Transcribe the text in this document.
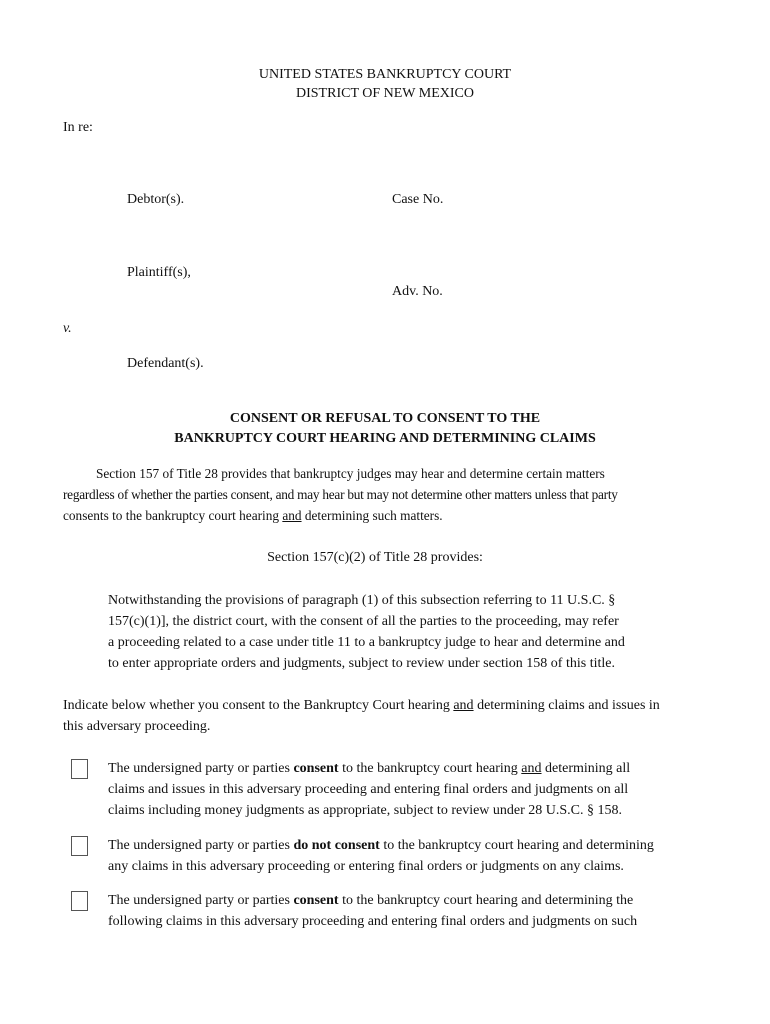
UNITED STATES BANKRUPTCY COURT
DISTRICT OF NEW MEXICO
In re:
Debtor(s).	Case No.
Plaintiff(s),
Adv. No.
v.
Defendant(s).
CONSENT OR REFUSAL TO CONSENT TO THE
BANKRUPTCY COURT HEARING AND DETERMINING CLAIMS
Section 157 of Title 28 provides that bankruptcy judges may hear and determine certain matters
regardless of whether the parties consent, and may hear but may not determine other matters unless that party
consents to the bankruptcy court hearing and determining such matters.
Section 157(c)(2) of Title 28 provides:
Notwithstanding the provisions of paragraph (1) of this subsection referring to 11 U.S.C. §
157(c)(1)], the district court, with the consent of all the parties to the proceeding, may refer
a proceeding related to a case under title 11 to a bankruptcy judge to hear and determine and
to enter appropriate orders and judgments, subject to review under section 158 of this title.
Indicate below whether you consent to the Bankruptcy Court hearing and determining claims and issues in
this adversary proceeding.
The undersigned party or parties consent to the bankruptcy court hearing and determining all
claims and issues in this adversary proceeding and entering final orders and judgments on all
claims including money judgments as appropriate, subject to review under 28 U.S.C. § 158.
The undersigned party or parties do not consent to the bankruptcy court hearing and determining
any claims in this adversary proceeding or entering final orders or judgments on any claims.
The undersigned party or parties consent to the bankruptcy court hearing and determining the
following claims in this adversary proceeding and entering final orders and judgments on such
